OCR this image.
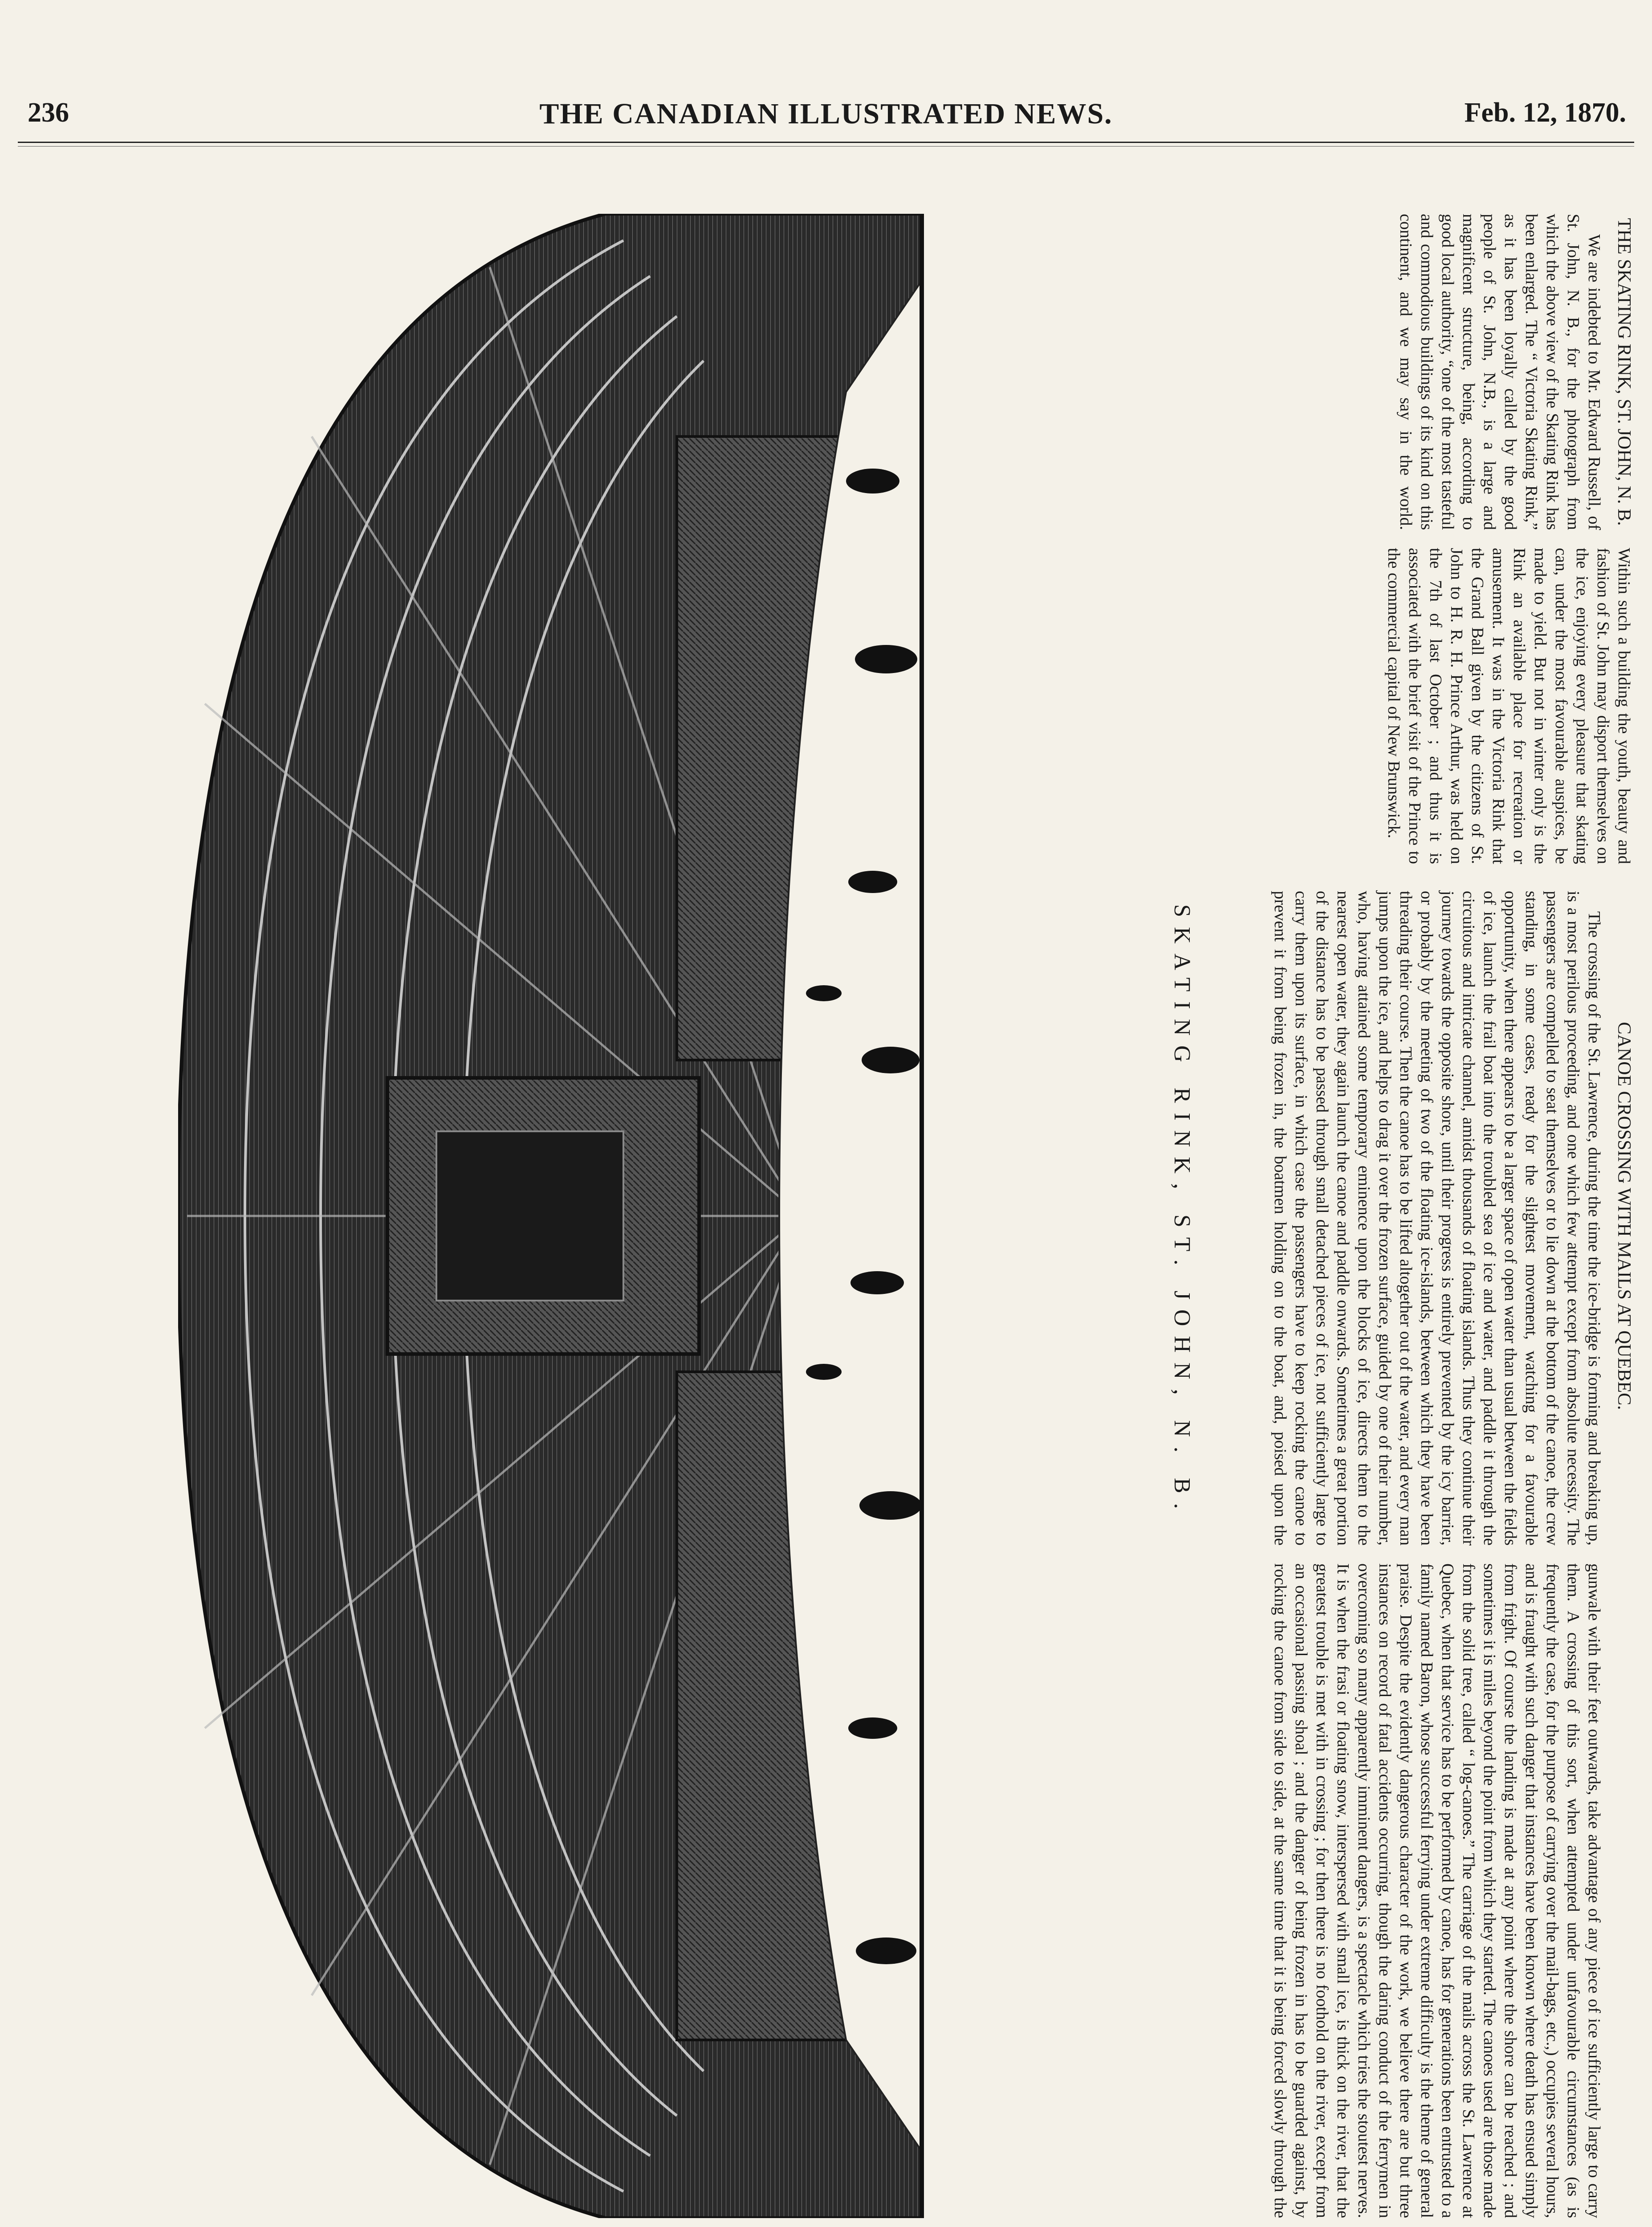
236	THE CANADIAN ILLUSTRATED NEWS.	Feb. 12, 1870.
SKATING RINK, ST. JOHN, N. B.
THE SKATING RINK, ST. JOHN, N. B.

We are indebted to Mr. Edward Russell, of St. John, N. B., for the photograph from which the above view of the Skating Rink has been enlarged. The “ Victoria Skating Rink,” as it has been loyally called by the good people of St. John, N.B., is a large and magnificent structure, being, according to good local authority, “one of the most tasteful and commodious buildings of its kind on this continent, and we may say in the world. Within such a building the youth, beauty and fashion of St. John may disport themselves on the ice, enjoying every pleasure that skating can, under the most favourable auspices, be made to yield. But not in winter only is the Rink an available place for recreation or amusement. It was in the Victoria Rink that the Grand Ball given by the citizens of St. John to H. R. H. Prince Arthur, was held on the 7th of last October ; and thus it is associated with the brief visit of the Prince to the commercial capital of New Brunswick.

CANOE CROSSING WITH MAILS AT QUEBEC.

The crossing of the St. Lawrence, during the time the ice-bridge is forming and breaking up, is a most perilous proceeding, and one which few attempt except from absolute necessity. The passengers are compelled to seat themselves or to lie down at the bottom of the canoe, the crew standing, in some cases, ready for the slightest movement, watching for a favourable opportunity, when there appears to be a larger space of open water than usual between the fields of ice, launch the frail boat into the troubled sea of ice and water, and paddle it through the circuitous and intricate channel, amidst thousands of floating islands. Thus they continue their journey towards the opposite shore, until their progress is entirely prevented by the icy barrier, or probably by the meeting of two of the floating ice-islands, between which they have been threading their course. Then the canoe has to be lifted altogether out of the water, and every man jumps upon the ice, and helps to drag it over the frozen surface, guided by one of their number, who, having attained some temporary eminence upon the blocks of ice, directs them to the nearest open water, they again launch the canoe and paddle onwards. Sometimes a great portion of the distance has to be passed through small detached pieces of ice, not sufficiently large to carry them upon its surface, in which case the passengers have to keep rocking the canoe to prevent it from being frozen in, the boatmen holding on to the boat, and, poised upon the gunwale with their feet outwards, take advantage of any piece of ice sufficiently large to carry them. A crossing of this sort, when attempted under unfavourable circumstances (as is frequently the case, for the purpose of carrying over the mail-bags, etc.,) occupies several hours, and is fraught with such danger that instances have been known where death has ensued simply from fright. Of course the landing is made at any point where the shore can be reached ; and sometimes it is miles beyond the point from which they started. The canoes used are those made from the solid tree, called “ log-canoes.” The carriage of the mails across the St. Lawrence at Quebec, when that service has to be performed by canoe, has for generations been entrusted to a family named Baron, whose successful ferrying under extreme difficulty is the theme of general praise. Despite the evidently dangerous character of the work, we believe there are but three instances on record of fatal accidents occurring, though the daring conduct of the ferrymen in overcoming so many apparently imminent dangers, is a spectacle which tries the stoutest nerves. It is when the frasi or floating snow, interspersed with small ice, is thick on the river, that the greatest trouble is met with in crossing ; for then there is no foothold on the river, except from an occasional passing shoal ; and the danger of being frozen in has to be guarded against, by rocking the canoe from side to side, at the same time that it is being forced slowly through the
